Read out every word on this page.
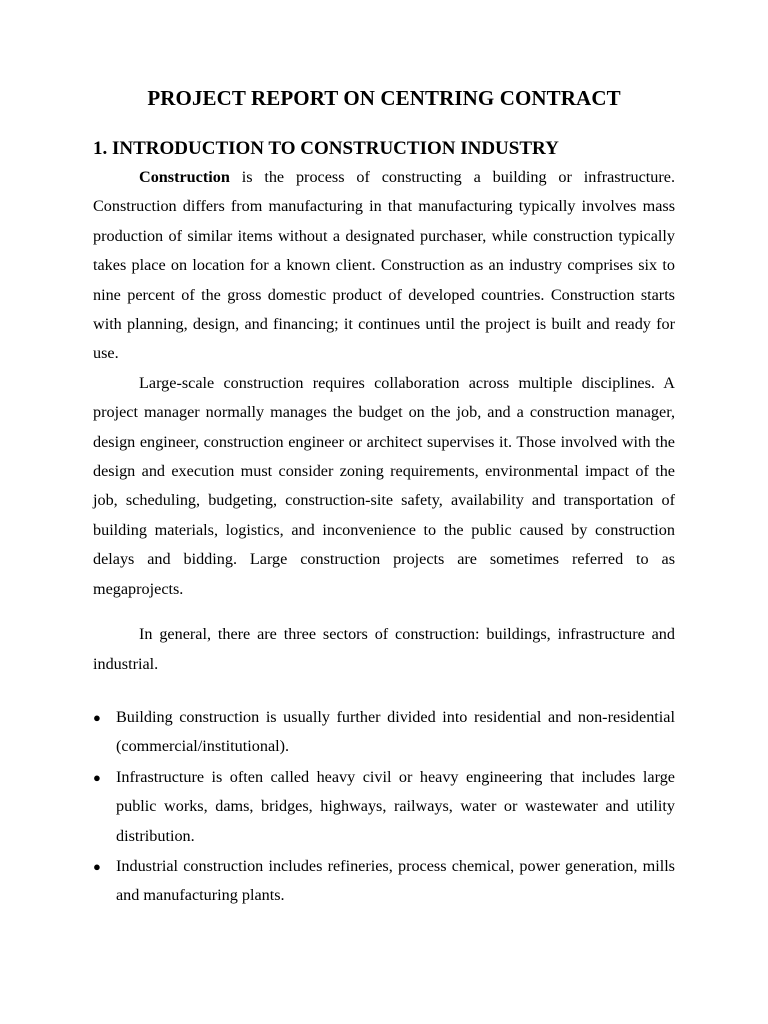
PROJECT REPORT ON CENTRING CONTRACT
1. INTRODUCTION TO CONSTRUCTION INDUSTRY

Construction is the process of constructing a building or infrastructure. Construction differs from manufacturing in that manufacturing typically involves mass production of similar items without a designated purchaser, while construction typically takes place on location for a known client. Construction as an industry comprises six to nine percent of the gross domestic product of developed countries. Construction starts with planning, design, and financing; it continues until the project is built and ready for use.

Large-scale construction requires collaboration across multiple disciplines. A project manager normally manages the budget on the job, and a construction manager, design engineer, construction engineer or architect supervises it. Those involved with the design and execution must consider zoning requirements, environmental impact of the job, scheduling, budgeting, construction-site safety, availability and transportation of building materials, logistics, and inconvenience to the public caused by construction delays and bidding. Large construction projects are sometimes referred to as megaprojects.

In general, there are three sectors of construction: buildings, infrastructure and industrial.

● Building construction is usually further divided into residential and non-residential (commercial/institutional).
● Infrastructure is often called heavy civil or heavy engineering that includes large public works, dams, bridges, highways, railways, water or wastewater and utility distribution.
● Industrial construction includes refineries, process chemical, power generation, mills and manufacturing plants.
